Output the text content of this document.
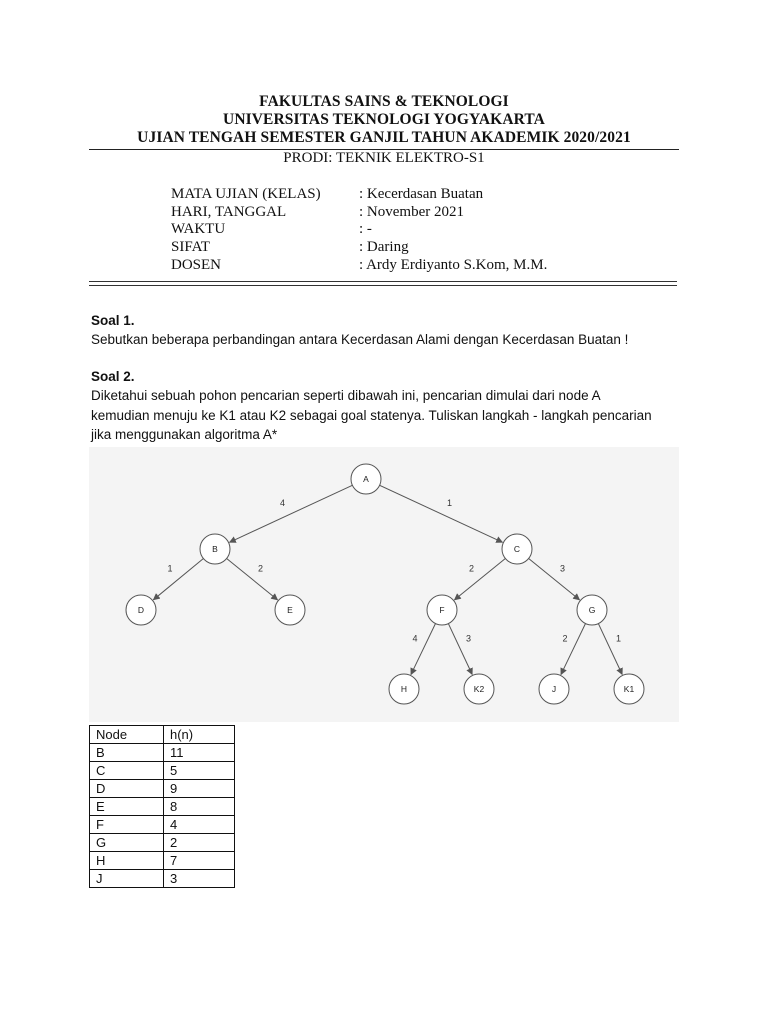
FAKULTAS SAINS & TEKNOLOGI
UNIVERSITAS TEKNOLOGI YOGYAKARTA
UJIAN TENGAH SEMESTER GANJIL TAHUN AKADEMIK 2020/2021
PRODI: TEKNIK ELEKTRO-S1
MATA UJIAN (KELAS)	: Kecerdasan Buatan
HARI, TANGGAL	: November 2021
WAKTU	: -
SIFAT	: Daring
DOSEN	: Ardy Erdiyanto S.Kom, M.M.
Soal 1.
Sebutkan beberapa perbandingan antara Kecerdasan Alami dengan Kecerdasan Buatan !
Soal 2.
Diketahui sebuah pohon pencarian seperti dibawah ini, pencarian dimulai dari node A
kemudian menuju ke K1 atau K2 sebagai goal statenya. Tuliskan langkah - langkah pencarian
jika menggunakan algoritma A*
4	1
1	2	2	3
4	3	2	1
A
B	C
D	E	F	G
H	K2	J	K1
Node	h(n)
B	11
C	5
D	9
E	8
F	4
G	2
H	7
J	3
